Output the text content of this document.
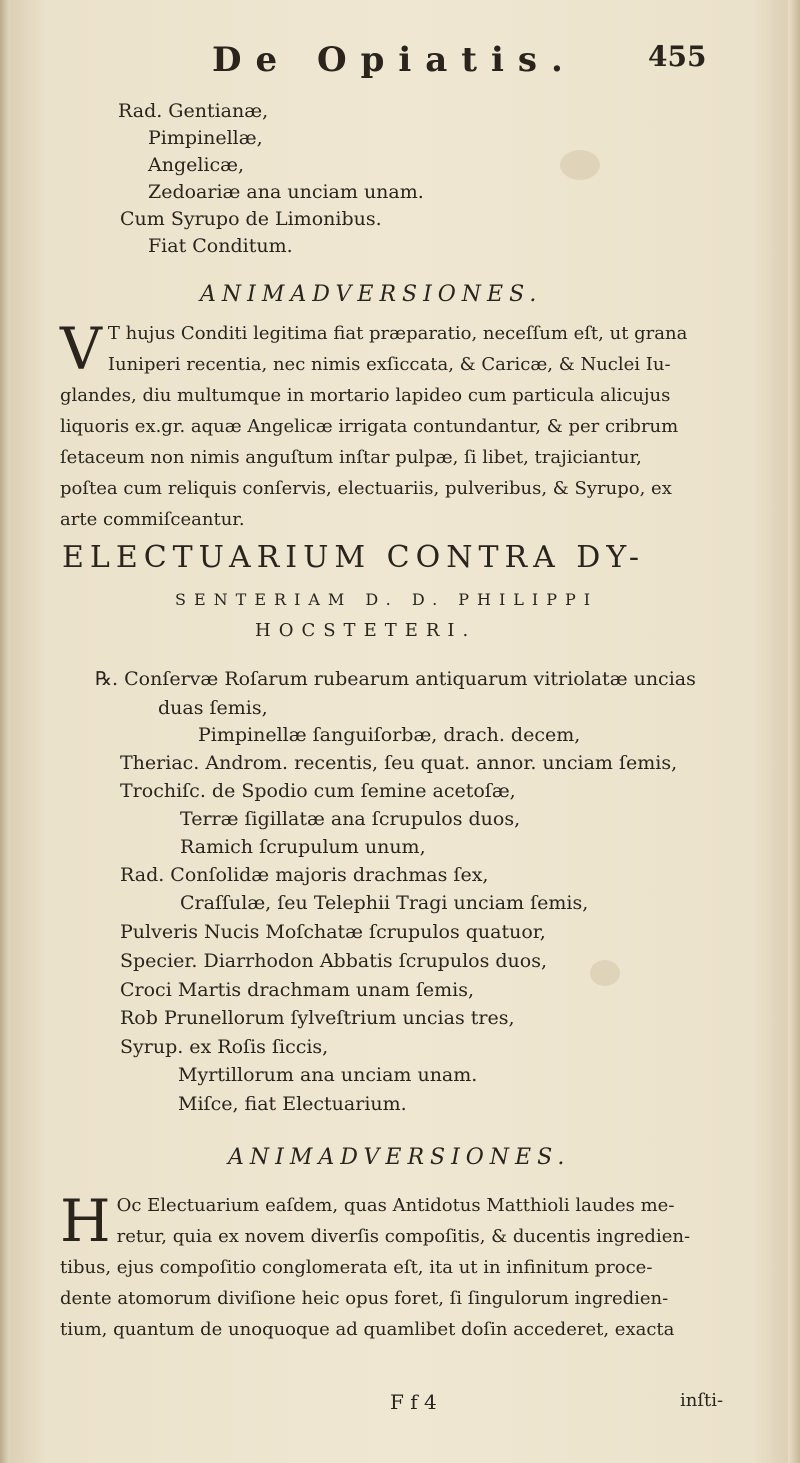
De Opiatis.	455
Rad. Gentianæ,
Pimpinellæ,
Angelicæ,
Zedoariæ ana unciam unam.
Cum Syrupo de Limonibus.
Fiat Conditum.
ANIMADVERSIONES.
V T hujus Conditi legitima fiat præparatio, neceſſum eſt, ut grana
Iuniperi recentia, nec nimis exſiccata, & Caricæ, & Nuclei Iu-
glandes, diu multumque in mortario lapideo cum particula alicujus
liquoris ex.gr. aquæ Angelicæ irrigata contundantur, & per cribrum
ſetaceum non nimis anguſtum inſtar pulpæ, ſi libet, trajiciantur,
poſtea cum reliquis conſervis, electuariis, pulveribus, & Syrupo, ex
arte commiſceantur.
ELECTUARIUM CONTRA DY-
SENTERIAM D. D. PHILIPPI
HOCSTETERI.
℞. Conſervæ Roſarum rubearum antiquarum vitriolatæ uncias
duas ſemis,
Pimpinellæ ſanguiſorbæ, drach. decem,
Theriac. Androm. recentis, ſeu quat. annor. unciam ſemis,
Trochiſc. de Spodio cum ſemine acetoſæ,
Terræ ſigillatæ ana ſcrupulos duos,
Ramich ſcrupulum unum,
Rad. Conſolidæ majoris drachmas ſex,
Craſſulæ, ſeu Telephii Tragi unciam ſemis,
Pulveris Nucis Moſchatæ ſcrupulos quatuor,
Specier. Diarrhodon Abbatis ſcrupulos duos,
Croci Martis drachmam unam ſemis,
Rob Prunellorum ſylveſtrium uncias tres,
Syrup. ex Roſis ſiccis,
Myrtillorum ana unciam unam.
Miſce, fiat Electuarium.
ANIMADVERSIONES.
H Oc Electuarium eaſdem, quas Antidotus Matthioli laudes me-
retur, quia ex novem diverſis compoſitis, & ducentis ingredien-
tibus, ejus compoſitio conglomerata eſt, ita ut in infinitum proce-
dente atomorum diviſione heic opus foret, ſi ſingulorum ingredien-
tium, quantum de unoquoque ad quamlibet doſin accederet, exacta
F f 4	inſti-
